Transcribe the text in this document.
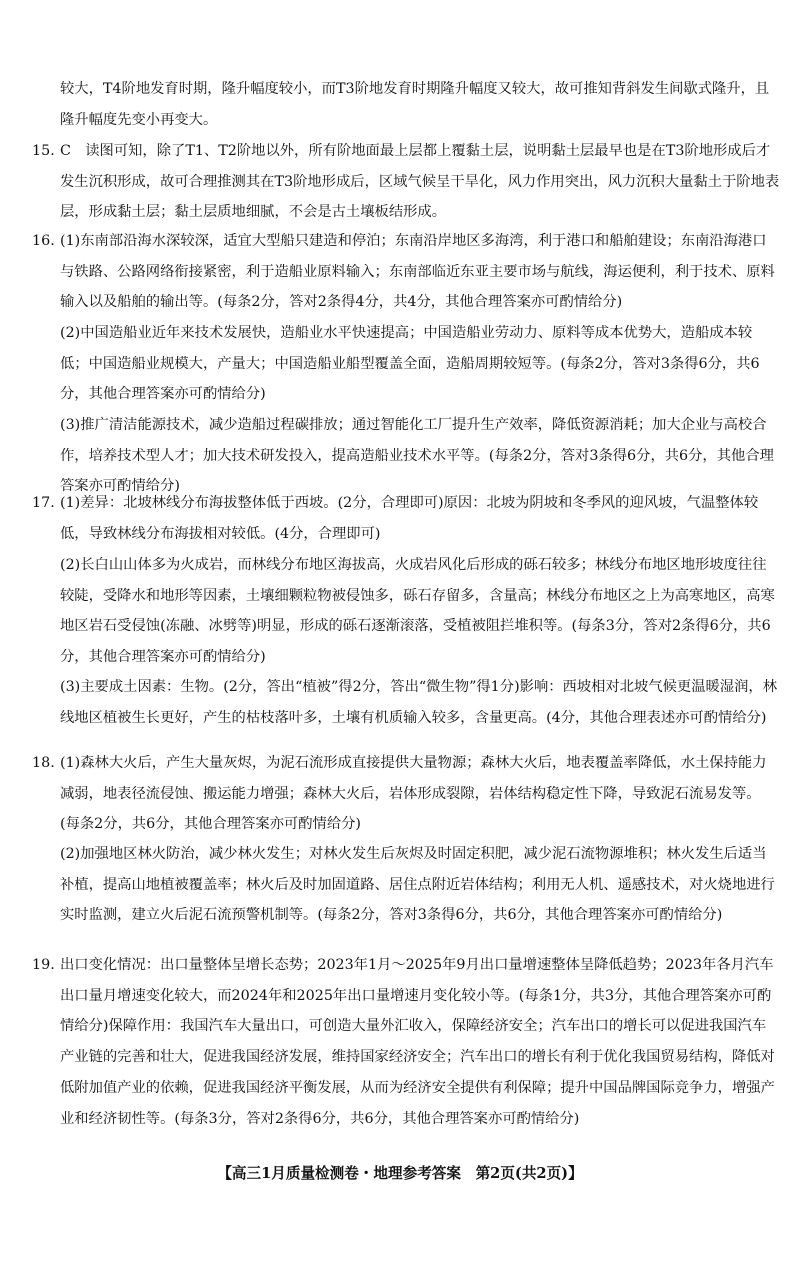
较大，T4阶地发育时期，隆升幅度较小，而T3阶地发育时期隆升幅度又较大，故可推知背斜发生间歇式隆升，且隆升幅度先变小再变大。

15. C　读图可知，除了T1、T2阶地以外，所有阶地面最上层都上覆黏土层，说明黏土层最早也是在T3阶地形成后才发生沉积形成，故可合理推测其在T3阶地形成后，区域气候呈干旱化，风力作用突出，风力沉积大量黏土于阶地表层，形成黏土层；黏土层质地细腻，不会是古土壤板结形成。

16. (1)东南部沿海水深较深，适宜大型船只建造和停泊；东南沿岸地区多海湾，利于港口和船舶建设；东南沿海港口与铁路、公路网络衔接紧密，利于造船业原料输入；东南部临近东亚主要市场与航线，海运便利，利于技术、原料输入以及船舶的输出等。(每条2分，答对2条得4分，共4分，其他合理答案亦可酌情给分)

(2)中国造船业近年来技术发展快，造船业水平快速提高；中国造船业劳动力、原料等成本优势大，造船成本较低；中国造船业规模大，产量大；中国造船业船型覆盖全面，造船周期较短等。(每条2分，答对3条得6分，共6分，其他合理答案亦可酌情给分)

(3)推广清洁能源技术，减少造船过程碳排放；通过智能化工厂提升生产效率，降低资源消耗；加大企业与高校合作，培养技术型人才；加大技术研发投入，提高造船业技术水平等。(每条2分，答对3条得6分，共6分，其他合理答案亦可酌情给分)

17. (1)差异：北坡林线分布海拔整体低于西坡。(2分，合理即可)原因：北坡为阴坡和冬季风的迎风坡，气温整体较低，导致林线分布海拔相对较低。(4分，合理即可)

(2)长白山山体多为火成岩，而林线分布地区海拔高，火成岩风化后形成的砾石较多；林线分布地区地形坡度往往较陡，受降水和地形等因素，土壤细颗粒物被侵蚀多，砾石存留多，含量高；林线分布地区之上为高寒地区，高寒地区岩石受侵蚀(冻融、冰劈等)明显，形成的砾石逐渐滚落，受植被阻拦堆积等。(每条3分，答对2条得6分，共6分，其他合理答案亦可酌情给分)

(3)主要成土因素：生物。(2分，答出“植被”得2分，答出“微生物”得1分)影响：西坡相对北坡气候更温暖湿润，林线地区植被生长更好，产生的枯枝落叶多，土壤有机质输入较多，含量更高。(4分，其他合理表述亦可酌情给分)

18. (1)森林大火后，产生大量灰烬，为泥石流形成直接提供大量物源；森林大火后，地表覆盖率降低，水土保持能力减弱，地表径流侵蚀、搬运能力增强；森林大火后，岩体形成裂隙，岩体结构稳定性下降，导致泥石流易发等。(每条2分，共6分，其他合理答案亦可酌情给分)

(2)加强地区林火防治，减少林火发生；对林火发生后灰烬及时固定积肥，减少泥石流物源堆积；林火发生后适当补植，提高山地植被覆盖率；林火后及时加固道路、居住点附近岩体结构；利用无人机、遥感技术，对火烧地进行实时监测，建立火后泥石流预警机制等。(每条2分，答对3条得6分，共6分，其他合理答案亦可酌情给分)

19. 出口变化情况：出口量整体呈增长态势；2023年1月～2025年9月出口量增速整体呈降低趋势；2023年各月汽车出口量月增速变化较大，而2024年和2025年出口量增速月变化较小等。(每条1分，共3分，其他合理答案亦可酌情给分)保障作用：我国汽车大量出口，可创造大量外汇收入，保障经济安全；汽车出口的增长可以促进我国汽车产业链的完善和壮大，促进我国经济发展，维持国家经济安全；汽车出口的增长有利于优化我国贸易结构，降低对低附加值产业的依赖，促进我国经济平衡发展，从而为经济安全提供有利保障；提升中国品牌国际竞争力，增强产业和经济韧性等。(每条3分，答对2条得6分，共6分，其他合理答案亦可酌情给分)

【高三1月质量检测卷・地理参考答案　第2页(共2页)】
